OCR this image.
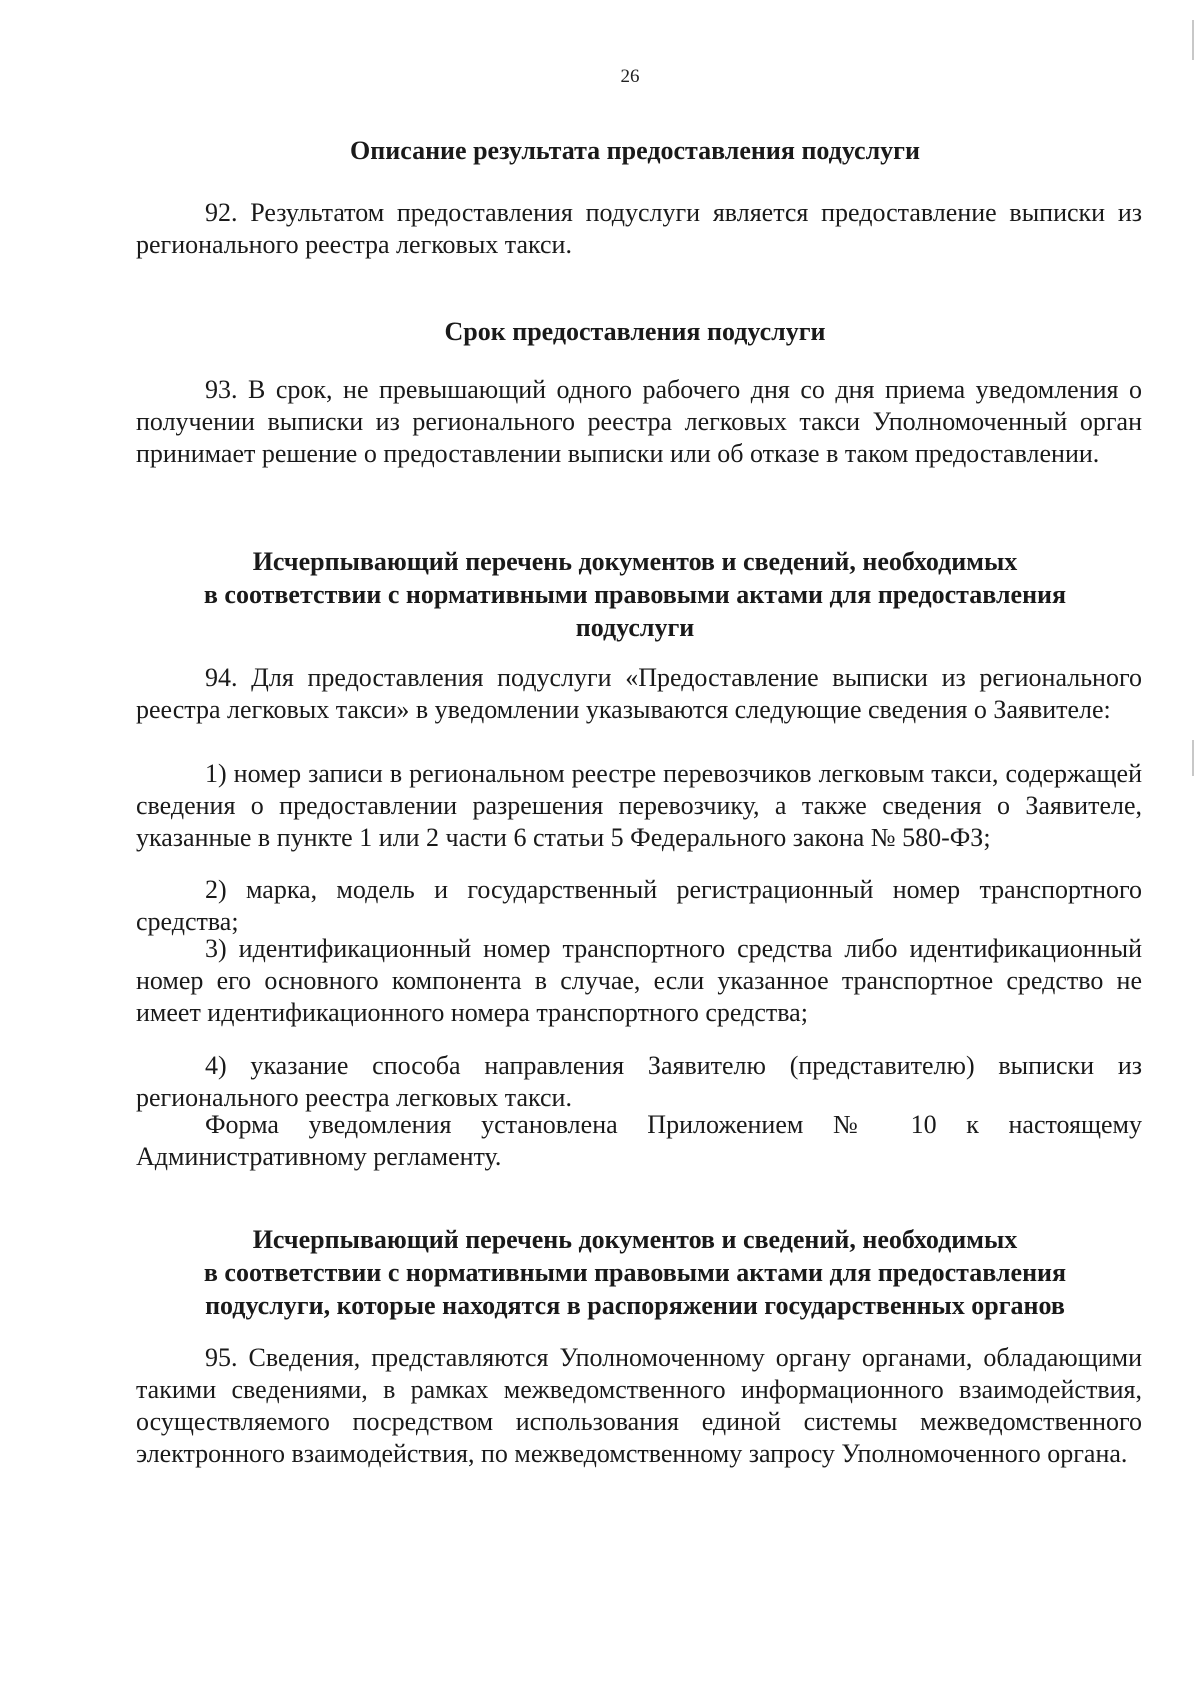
26
Описание результата предоставления подуслуги

92. Результатом предоставления подуслуги является предоставление выписки из регионального реестра легковых такси.

Срок предоставления подуслуги

93. В срок, не превышающий одного рабочего дня со дня приема уведомления о получении выписки из регионального реестра легковых такси Уполномоченный орган принимает решение о предоставлении выписки или об отказе в таком предоставлении.

Исчерпывающий перечень документов и сведений, необходимых
в соответствии с нормативными правовыми актами для предоставления
подуслуги

94. Для предоставления подуслуги «Предоставление выписки из регионального реестра легковых такси» в уведомлении указываются следующие сведения о Заявителе:

1) номер записи в региональном реестре перевозчиков легковым такси, содержащей сведения о предоставлении разрешения перевозчику, а также сведения о Заявителе, указанные в пункте 1 или 2 части 6 статьи 5 Федерального закона № 580-ФЗ;

2) марка, модель и государственный регистрационный номер транспортного средства;

3) идентификационный номер транспортного средства либо идентификационный номер его основного компонента в случае, если указанное транспортное средство не имеет идентификационного номера транспортного средства;

4) указание способа направления Заявителю (представителю) выписки из регионального реестра легковых такси.

Форма уведомления установлена Приложением № 10 к настоящему Административному регламенту.

Исчерпывающий перечень документов и сведений, необходимых
в соответствии с нормативными правовыми актами для предоставления
подуслуги, которые находятся в распоряжении государственных органов

95. Сведения, представляются Уполномоченному органу органами, обладающими такими сведениями, в рамках межведомственного информационного взаимодействия, осуществляемого посредством использования единой системы межведомственного электронного взаимодействия, по межведомственному запросу Уполномоченного органа.
